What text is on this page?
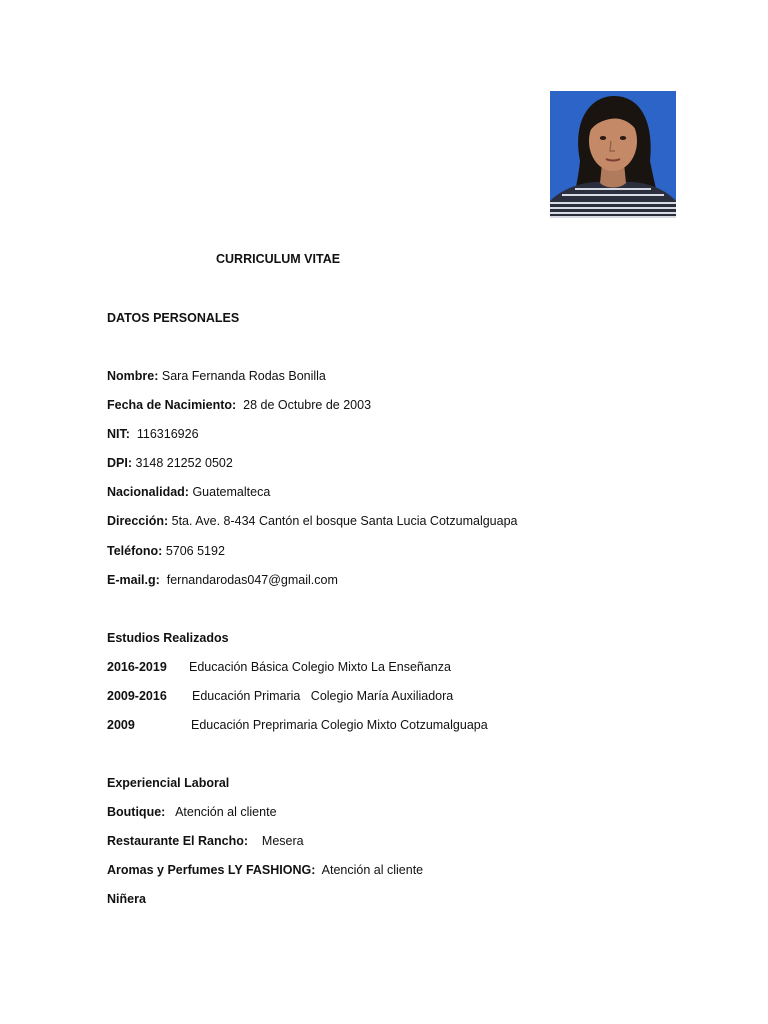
CURRICULUM VITAE
DATOS PERSONALES
Nombre: Sara Fernanda Rodas Bonilla
Fecha de Nacimiento: 28 de Octubre de 2003
NIT: 116316926
DPI: 3148 21252 0502
Nacionalidad: Guatemalteca
Dirección: 5ta. Ave. 8-434 Cantón el bosque Santa Lucia Cotzumalguapa
Teléfono: 5706 5192
E-mail.g: fernandarodas047@gmail.com
Estudios Realizados
2016-2019 Educación Básica Colegio Mixto La Enseñanza
2009-2016 Educación Primaria   Colegio María Auxiliadora
2009	Educación Preprimaria Colegio Mixto Cotzumalguapa
Experiencial Laboral
Boutique: Atención al cliente
Restaurante El Rancho: Mesera
Aromas y Perfumes LY FASHIONG: Atención al cliente
Niñera
